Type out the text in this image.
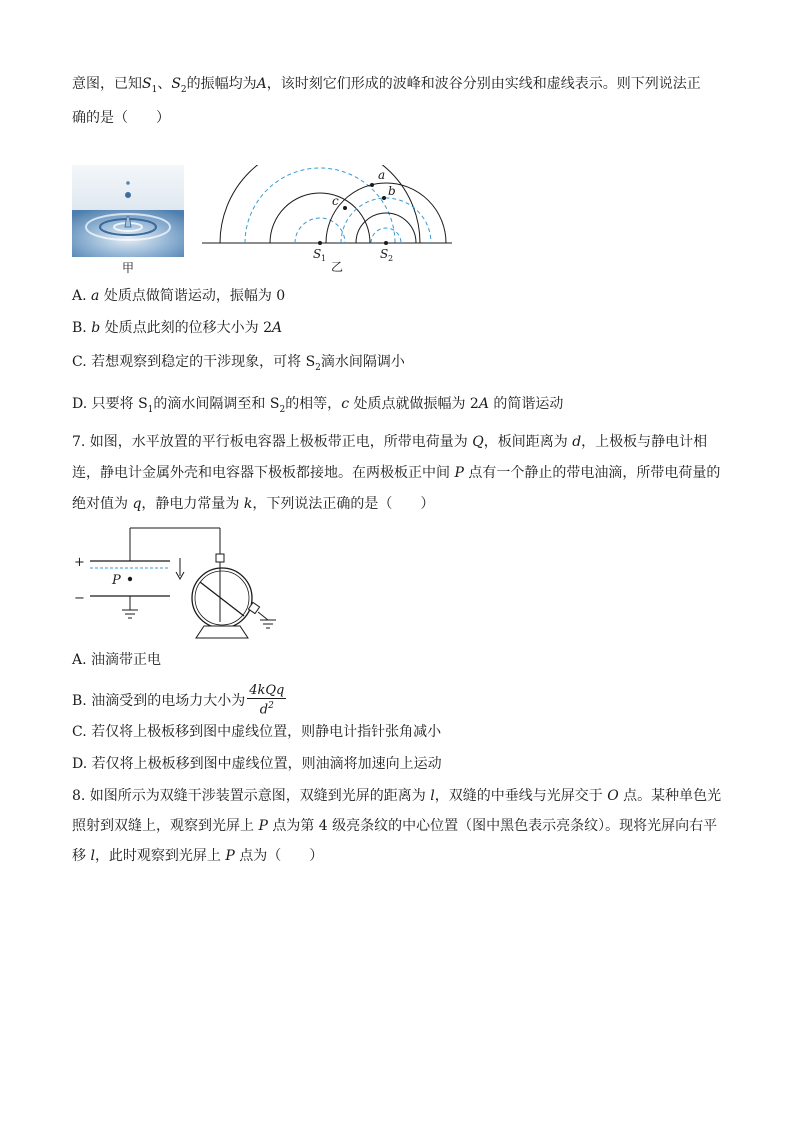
意图，已知$S_1$、$S_2$的振幅均为A，该时刻它们形成的波峰和波谷分别由实线和虚线表示。则下列说法正
确的是（　　）
甲
a
b
c
S 1	S 2
乙
A. a 处质点做简谐运动，振幅为 0
B. b 处质点此刻的位移大小为 2A
C. 若想观察到稳定的干涉现象，可将 $S_2$滴水间隔调小
D. 只要将 $S_1$的滴水间隔调至和 $S_2$的相等，c 处质点就做振幅为 2A 的简谐运动
7. 如图，水平放置的平行板电容器上极板带正电，所带电荷量为 Q，板间距离为 d，上极板与静电计相
连，静电计金属外壳和电容器下极板都接地。在两极板正中间 P 点有一个静止的带电油滴，所带电荷量的
绝对值为 q，静电力常量为 k，下列说法正确的是（　　）
+
−
P
A. 油滴带正电
B. 油滴受到的电场力大小为 $\frac{\text{4kQq}}{d^2}$
C. 若仅将上极板移到图中虚线位置，则静电计指针张角减小
D. 若仅将上极板移到图中虚线位置，则油滴将加速向上运动
8. 如图所示为双缝干涉装置示意图，双缝到光屏的距离为 l，双缝的中垂线与光屏交于 O 点。某种单色光
照射到双缝上，观察到光屏上 P 点为第 4 级亮条纹的中心位置（图中黑色表示亮条纹）。现将光屏向右平
移 l，此时观察到光屏上 P 点为（　　）
